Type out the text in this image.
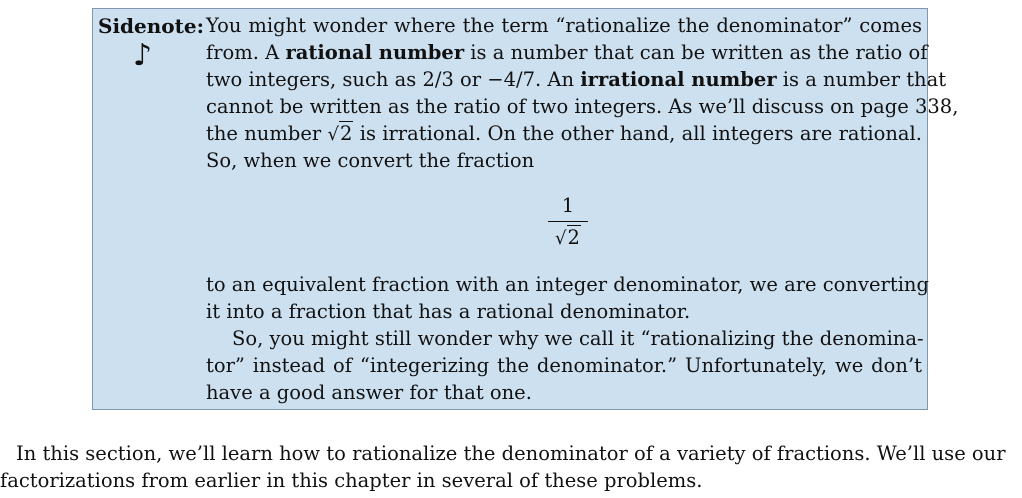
Sidenote:
♪
You might wonder where the term “rationalize the denominator” comes
from. A rational number is a number that can be written as the ratio of
two integers, such as 2/3 or −4/7. An irrational number is a number that
cannot be written as the ratio of two integers. As we’ll discuss on page 338,
the number √2 is irrational. On the other hand, all integers are rational.
So, when we convert the fraction
1
√2
to an equivalent fraction with an integer denominator, we are converting
it into a fraction that has a rational denominator.
So, you might still wonder why we call it “rationalizing the denomina-
tor” instead of “integerizing the denominator.” Unfortunately, we don’t
have a good answer for that one.
In this section, we’ll learn how to rationalize the denominator of a variety of fractions. We’ll use our
factorizations from earlier in this chapter in several of these problems.
